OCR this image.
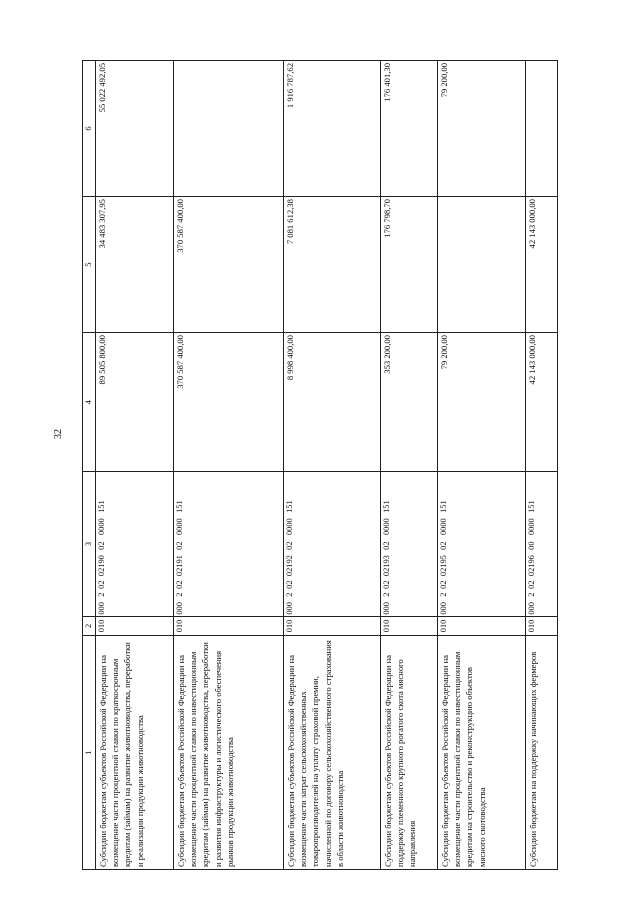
32
1	2	3	4	5	6
Субсидии бюджетам субъектов Российской Федерации на возмещение части процентной ставки по краткосрочным кредитам (займам) на развитие животноводства, переработки и реализации продукции животноводства	010	00020202190020000151	89 505 800,00	34 483 307,95	55 022 492,05
Субсидии бюджетам субъектов Российской Федерации на возмещение части процентной ставки по инвестиционным кредитам (займам) на развитие животноводства, переработки и развития инфраструктуры и логистического обеспечения рынков продукции животноводства	010	00020202191020000151	370 587 400,00	370 587 400,00	
Субсидии бюджетам субъектов Российской Федерации на возмещение части затрат сельскохозяйственных товаропроизводителей на уплату страховой премии, начисленной по договору сельскохозяйственного страхования в области животноводства	010	00020202192020000151	8 998 400,00	7 081 612,38	1 916 787,62
Субсидии бюджетам субъектов Российской Федерации на поддержку племенного крупного рогатого скота мясного направления	010	00020202193020000151	353 200,00	176 798,70	176 401,30
Субсидии бюджетам субъектов Российской Федерации на возмещение части процентной ставки по инвестиционным кредитам на строительство и реконструкцию объектов мясного скотоводства	010	00020202195020000151	79 200,00		79 200,00
Субсидии бюджетам на поддержку начинающих фермеров	010	00020202196000000151	42 143 000,00	42 143 000,00	
